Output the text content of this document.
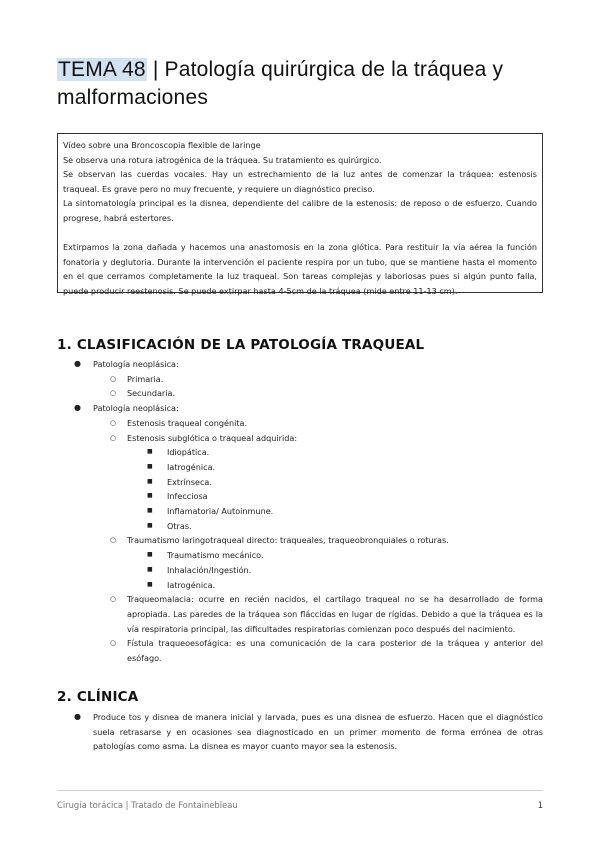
TEMA 48 | Patología quirúrgica de la tráquea y malformaciones

Vídeo sobre una Broncoscopia flexible de laringe

Se observa una rotura iatrogénica de la tráquea. Su tratamiento es quirúrgico.

Se observan las cuerdas vocales. Hay un estrechamiento de la luz antes de comenzar la tráquea: estenosis traqueal. Es grave pero no muy frecuente, y requiere un diagnóstico preciso.

La sintomatología principal es la disnea, dependiente del calibre de la estenosis: de reposo o de esfuerzo. Cuando progrese, habrá estertores.

Extirpamos la zona dañada y hacemos una anastomosis en la zona glótica. Para restituir la vía aérea la función fonatoria y deglutoria. Durante la intervención el paciente respira por un tubo, que se mantiene hasta el momento en el que cerramos completamente la luz traqueal. Son tareas complejas y laboriosas pues si algún punto falla, puede producir reestenosis. Se puede extirpar hasta 4-5cm de la tráquea (mide entre 11-13 cm).

1. CLASIFICACIÓN DE LA PATOLOGÍA TRAQUEAL
● Patología neoplásica:
○ Primaria.
○ Secundaria.
● Patología neoplásica:
○ Estenosis traqueal congénita.
○ Estenosis subglótica o traqueal adquirida:
■ Idiopática.
■ Iatrogénica.
■ Extrínseca.
■ Infecciosa
■ Inflamatoria/ Autoinmune.
■ Otras.
○ Traumatismo laringotraqueal directo: traqueales, traqueobronquiales o roturas.
■ Traumatismo mecánico.
■ Inhalación/Ingestión.
■ Iatrogénica.
○ Traqueomalacia: ocurre en recién nacidos, el cartílago traqueal no se ha desarrollado de forma apropiada. Las paredes de la tráquea son fláccidas en lugar de rígidas. Debido a que la tráquea es la vía respiratoria principal, las dificultades respiratorias comienzan poco después del nacimiento.
○ Fístula traqueoesofágica: es una comunicación de la cara posterior de la tráquea y anterior del esófago.
2. CLÍNICA
● Produce tos y disnea de manera inicial y larvada, pues es una disnea de esfuerzo. Hacen que el diagnóstico suela retrasarse y en ocasiones sea diagnosticado en un primer momento de forma errónea de otras patologías como asma. La disnea es mayor cuanto mayor sea la estenosis.
Cirugía torácica | Tratado de Fontainebleau	1
